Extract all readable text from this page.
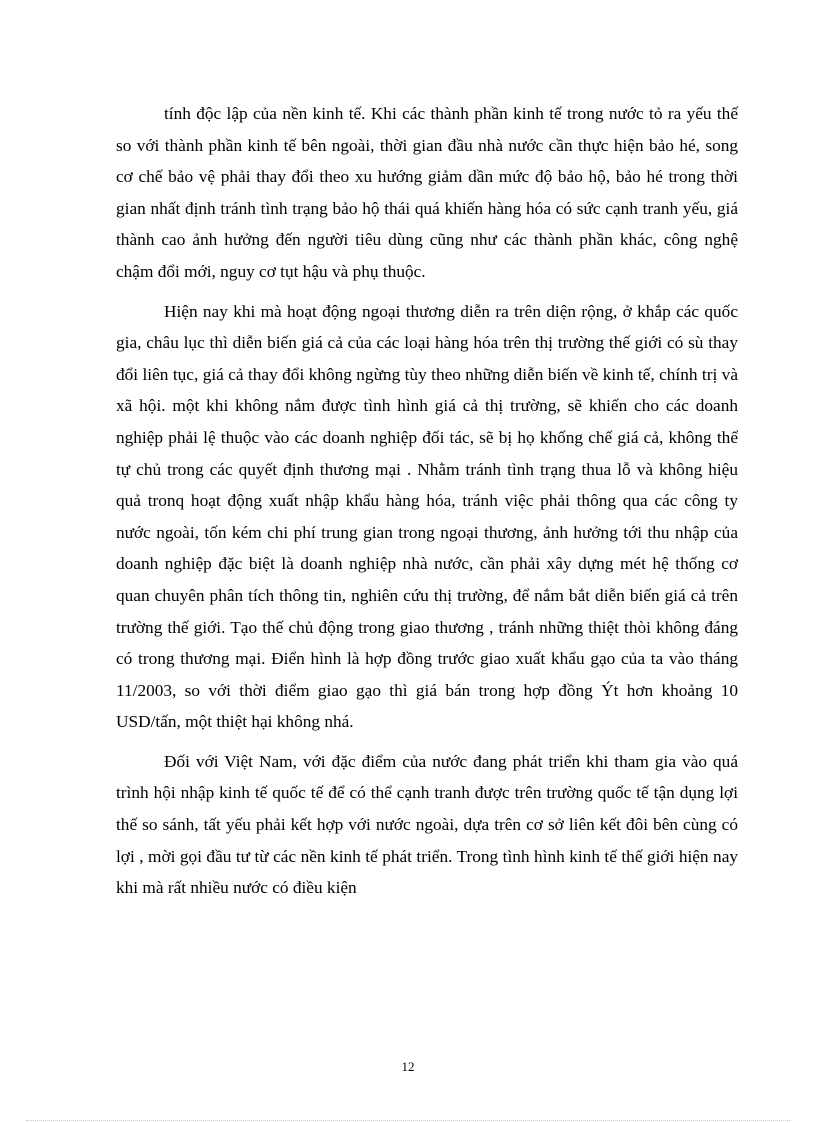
tính độc lập của nền kinh tế. Khi các thành phần kinh tế trong nước tỏ ra yếu thế so với thành phần kinh tế bên ngoài, thời gian đầu nhà nước cần thực hiện bảo hé, song cơ chế bảo vệ phải thay đổi theo xu hướng giảm dần mức độ bảo hộ, bảo hé trong thời gian nhất định tránh tình trạng bảo hộ thái quá khiến hàng hóa có sức cạnh tranh yếu, giá thành cao ảnh hưởng đến người tiêu dùng cũng như các thành phần khác, công nghệ chậm đổi mới, nguy cơ tụt hậu và phụ thuộc.

Hiện nay khi mà hoạt động ngoại thương diễn ra trên diện rộng, ở khắp các quốc gia, châu lục thì diễn biến giá cả của các loại hàng hóa trên thị trường thế giới có sù thay đổi liên tục, giá cả thay đổi không ngừng tùy theo những diễn biến về kinh tế, chính trị và xã hội. một khi không nắm được tình hình giá cả thị trường, sẽ khiến cho các doanh nghiệp phải lệ thuộc vào các doanh nghiệp đối tác, sẽ bị họ khống chế giá cả, không thể tự chủ trong các quyết định thương mại . Nhằm tránh tình trạng thua lỗ và không hiệu quả tronq hoạt động xuất nhập khẩu hàng hóa, tránh việc phải thông qua các công ty nước ngoài, tốn kém chi phí trung gian trong ngoại thương, ảnh hưởng tới thu nhập của doanh nghiệp đặc biệt là doanh nghiệp nhà nước, cần phải xây dựng mét hệ thống cơ quan chuyên phân tích thông tin, nghiên cứu thị trường, để nắm bắt diễn biến giá cả trên trường thế giới. Tạo thế chủ động trong giao thương , tránh những thiệt thòi không đáng có trong thương mại. Điển hình là hợp đồng trước giao xuất khẩu gạo của ta vào tháng 11/2003, so với thời điểm giao gạo thì giá bán trong hợp đồng Ýt hơn khoảng 10 USD/tấn, một thiệt hại không nhá.

Đối với Việt Nam, với đặc điểm của nước đang phát triển khi tham gia vào quá trình hội nhập kinh tế quốc tế để có thể cạnh tranh được trên trường quốc tế tận dụng lợi thế so sánh, tất yếu phải kết hợp với nước ngoài, dựa trên cơ sở liên kết đôi bên cùng có lợi , mời gọi đầu tư từ các nền kinh tế phát triển. Trong tình hình kinh tế thế giới hiện nay khi mà rất nhiều nước có điều kiện

12
